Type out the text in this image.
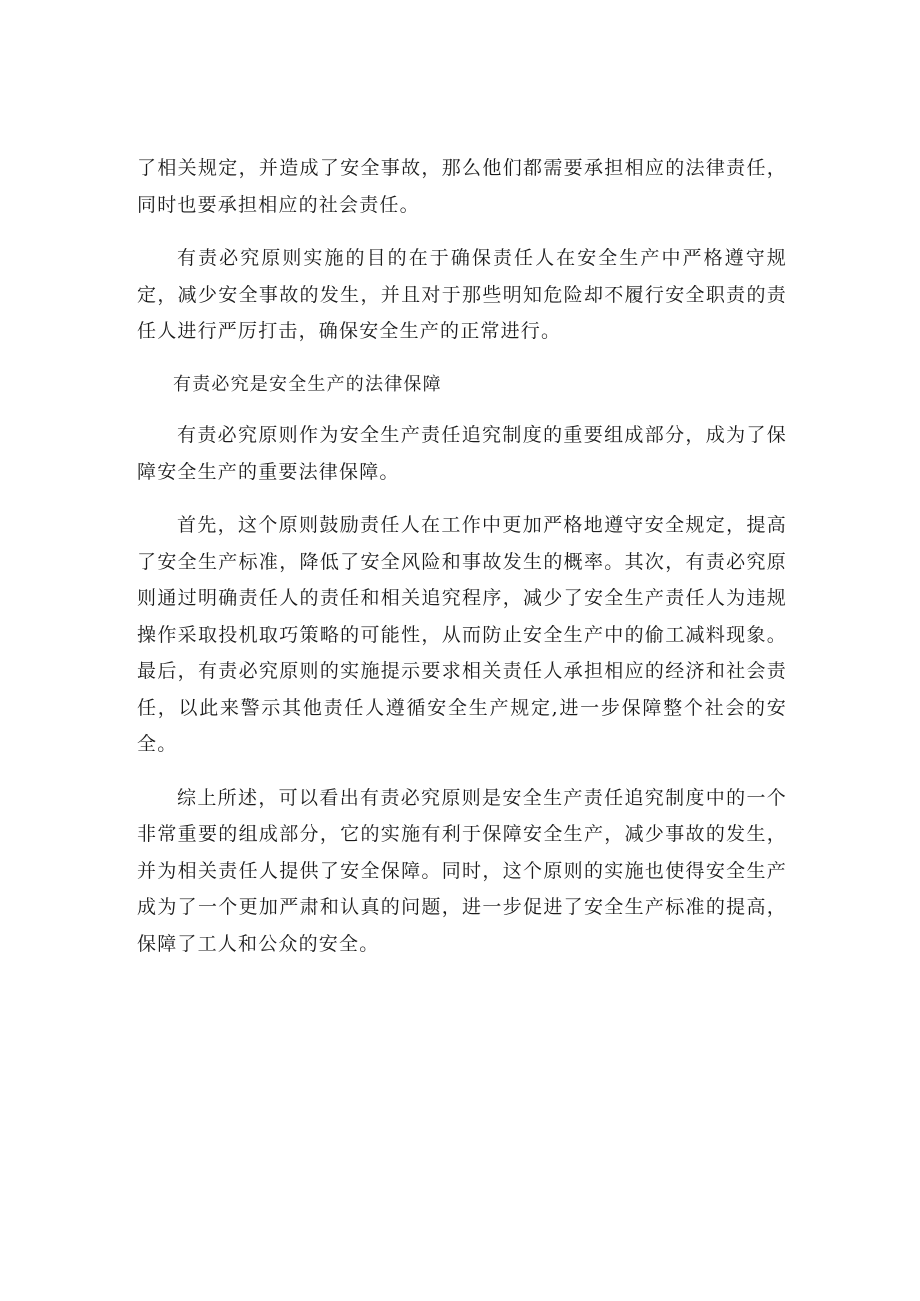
了相关规定，并造成了安全事故，那么他们都需要承担相应的法律责任，同时也要承担相应的社会责任。

有责必究原则实施的目的在于确保责任人在安全生产中严格遵守规定，减少安全事故的发生，并且对于那些明知危险却不履行安全职责的责任人进行严厉打击，确保安全生产的正常进行。

有责必究是安全生产的法律保障

有责必究原则作为安全生产责任追究制度的重要组成部分，成为了保障安全生产的重要法律保障。

首先，这个原则鼓励责任人在工作中更加严格地遵守安全规定，提高了安全生产标准，降低了安全风险和事故发生的概率。其次，有责必究原则通过明确责任人的责任和相关追究程序，减少了安全生产责任人为违规操作采取投机取巧策略的可能性，从而防止安全生产中的偷工减料现象。最后，有责必究原则的实施提示要求相关责任人承担相应的经济和社会责任，以此来警示其他责任人遵循安全生产规定,进一步保障整个社会的安全。

综上所述，可以看出有责必究原则是安全生产责任追究制度中的一个非常重要的组成部分，它的实施有利于保障安全生产，减少事故的发生，并为相关责任人提供了安全保障。同时，这个原则的实施也使得安全生产成为了一个更加严肃和认真的问题，进一步促进了安全生产标准的提高，保障了工人和公众的安全。
